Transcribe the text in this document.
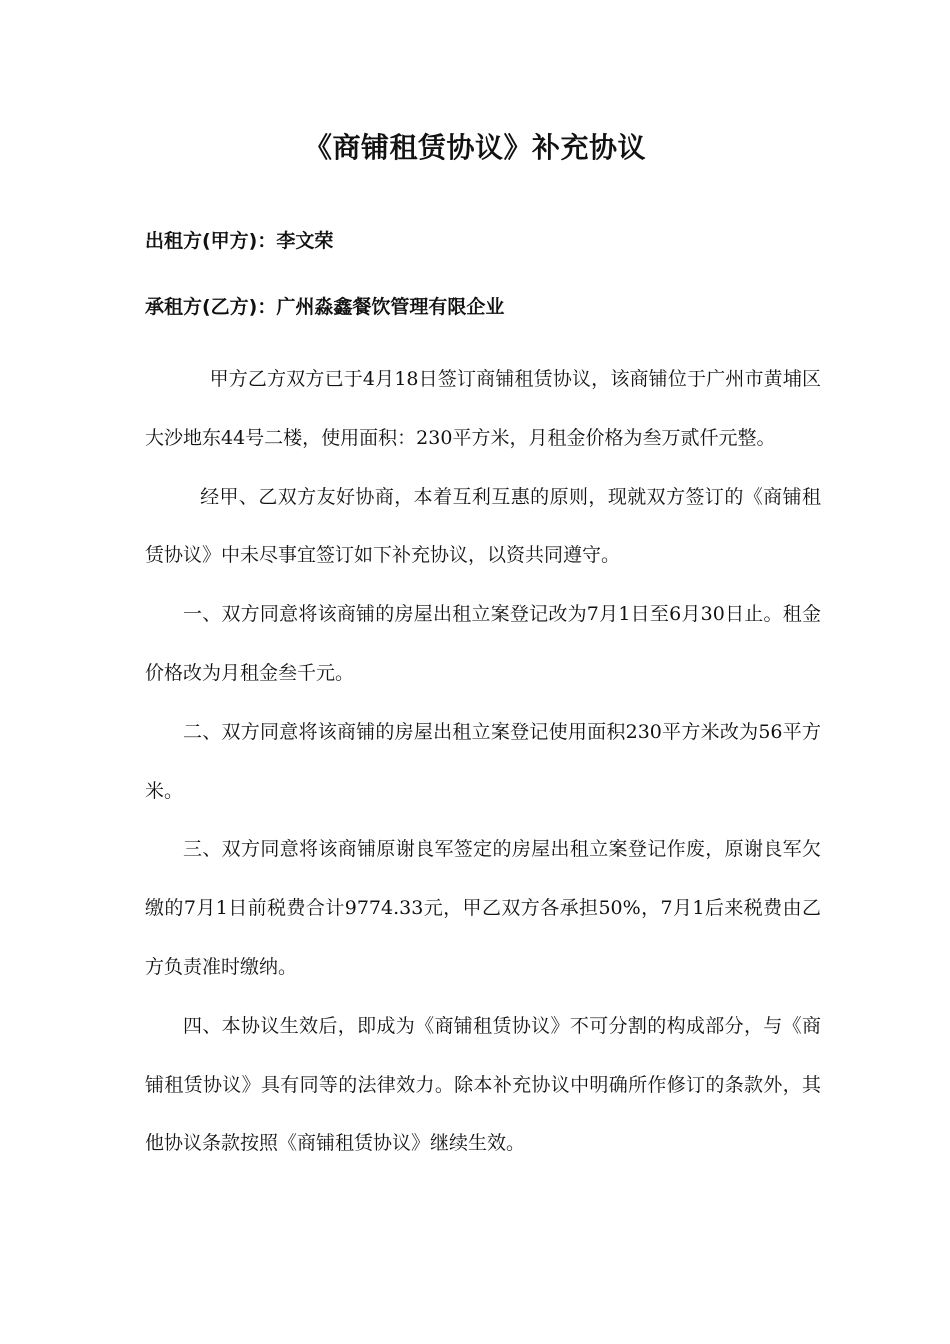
《商铺租赁协议》补充协议

出租方(甲方)：李文荣

承租方(乙方)：广州淼鑫餐饮管理有限企业

甲方乙方双方已于4月18日签订商铺租赁协议，该商铺位于广州市黄埔区大沙地东44号二楼，使用面积：230平方米，月租金价格为叁万贰仟元整。

经甲、乙双方友好协商，本着互利互惠的原则，现就双方签订的《商铺租赁协议》中未尽事宜签订如下补充协议，以资共同遵守。

一、双方同意将该商铺的房屋出租立案登记改为7月1日至6月30日止。租金价格改为月租金叁千元。

二、双方同意将该商铺的房屋出租立案登记使用面积230平方米改为56平方米。

三、双方同意将该商铺原谢良军签定的房屋出租立案登记作废，原谢良军欠缴的7月1日前税费合计9774.33元，甲乙双方各承担50%，7月1后来税费由乙方负责准时缴纳。

四、本协议生效后，即成为《商铺租赁协议》不可分割的构成部分，与《商铺租赁协议》具有同等的法律效力。除本补充协议中明确所作修订的条款外，其他协议条款按照《商铺租赁协议》继续生效。
